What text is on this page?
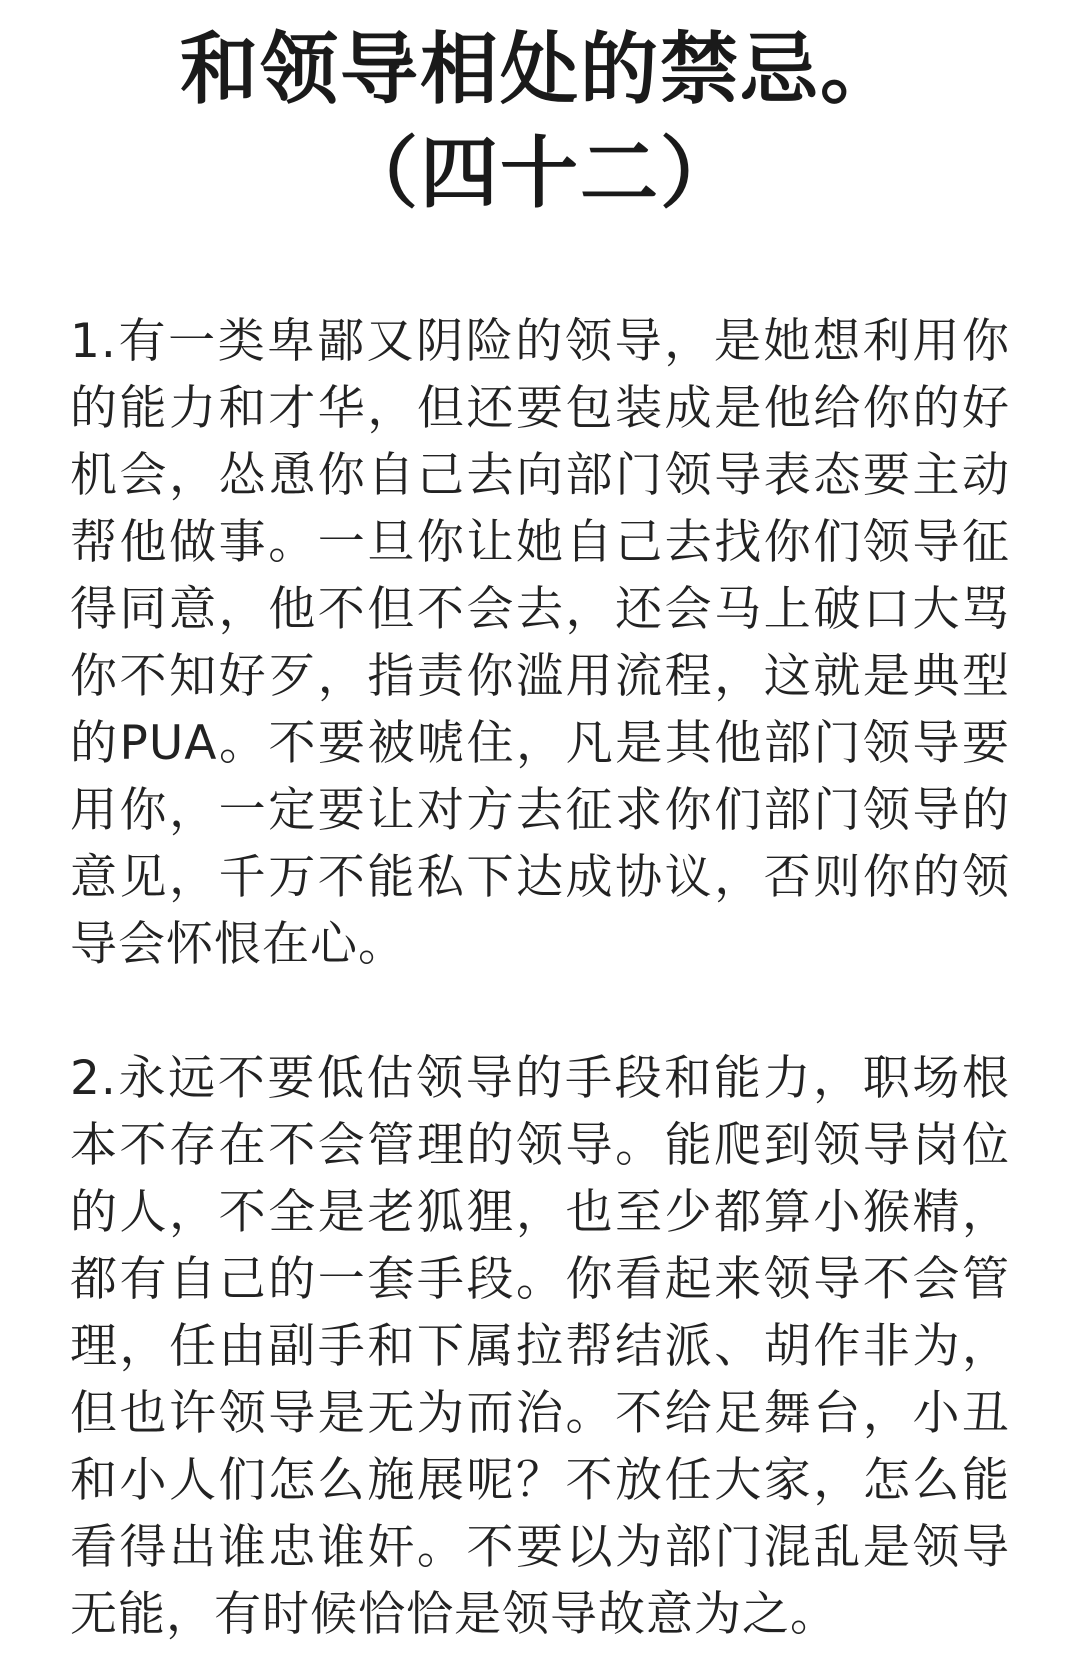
和领导相处的禁忌。
（四十二）

1.有一类卑鄙又阴险的领导，是她想利用你的能力和才华，但还要包装成是他给你的好机会，怂恿你自己去向部门领导表态要主动帮他做事。一旦你让她自己去找你们领导征得同意，他不但不会去，还会马上破口大骂你不知好歹，指责你滥用流程，这就是典型的PUA。不要被唬住，凡是其他部门领导要用你，一定要让对方去征求你们部门领导的意见，千万不能私下达成协议，否则你的领导会怀恨在心。

2.永远不要低估领导的手段和能力，职场根本不存在不会管理的领导。能爬到领导岗位的人，不全是老狐狸，也至少都算小猴精，都有自己的一套手段。你看起来领导不会管理，任由副手和下属拉帮结派、胡作非为，但也许领导是无为而治。不给足舞台，小丑和小人们怎么施展呢？不放任大家，怎么能看得出谁忠谁奸。不要以为部门混乱是领导无能，有时候恰恰是领导故意为之。
